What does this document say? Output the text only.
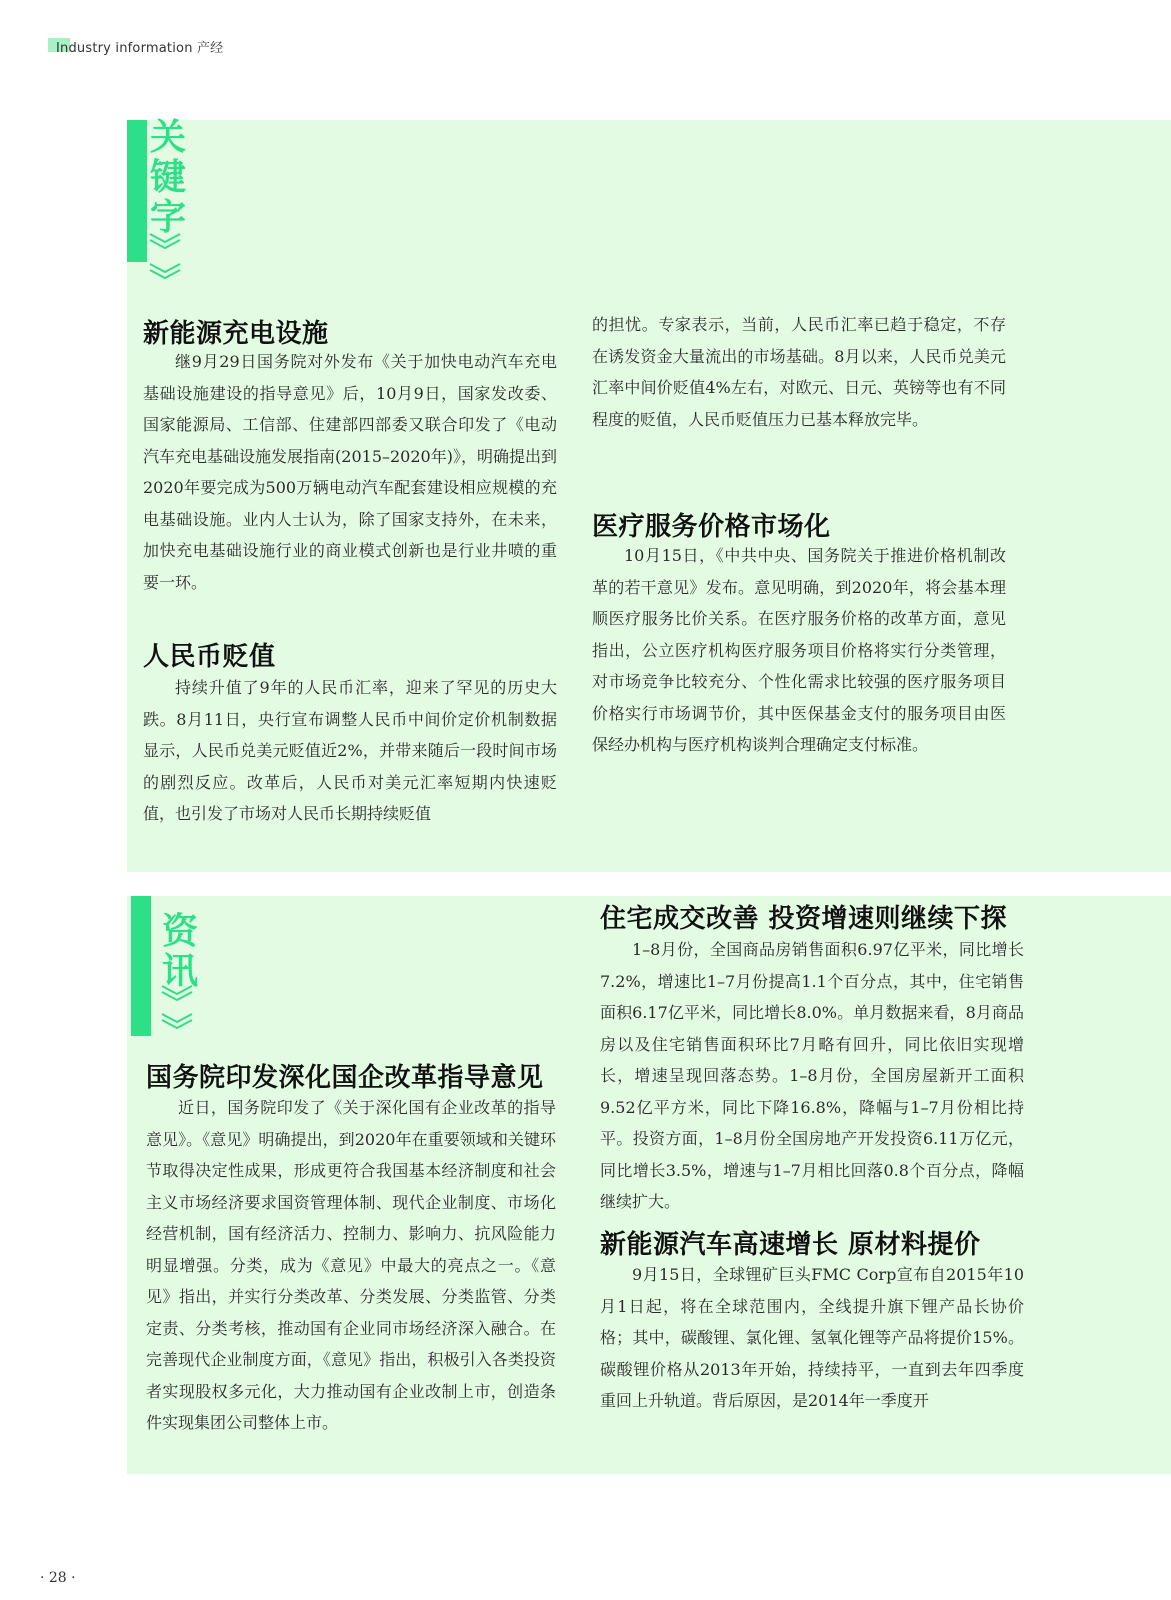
Industry information 产经
关键字
新能源充电设施
继9月29日国务院对外发布《关于加快电动汽车充电基础设施建设的指导意见》后，10月9日，国家发改委、国家能源局、工信部、住建部四部委又联合印发了《电动汽车充电基础设施发展指南(2015–2020年)》，明确提出到2020年要完成为500万辆电动汽车配套建设相应规模的充电基础设施。业内人士认为，除了国家支持外，在未来，加快充电基础设施行业的商业模式创新也是行业井喷的重要一环。
人民币贬值
持续升值了9年的人民币汇率，迎来了罕见的历史大跌。8月11日，央行宣布调整人民币中间价定价机制数据显示，人民币兑美元贬值近2%，并带来随后一段时间市场的剧烈反应。改革后，人民币对美元汇率短期内快速贬值，也引发了市场对人民币长期持续贬值
的担忧。专家表示，当前，人民币汇率已趋于稳定，不存在诱发资金大量流出的市场基础。8月以来，人民币兑美元汇率中间价贬值4%左右，对欧元、日元、英镑等也有不同程度的贬值，人民币贬值压力已基本释放完毕。
医疗服务价格市场化
10月15日，《中共中央、国务院关于推进价格机制改革的若干意见》发布。意见明确，到2020年，将会基本理顺医疗服务比价关系。在医疗服务价格的改革方面，意见指出，公立医疗机构医疗服务项目价格将实行分类管理，对市场竞争比较充分、个性化需求比较强的医疗服务项目价格实行市场调节价，其中医保基金支付的服务项目由医保经办机构与医疗机构谈判合理确定支付标准。
资讯
国务院印发深化国企改革指导意见
近日，国务院印发了《关于深化国有企业改革的指导意见》。《意见》明确提出，到2020年在重要领域和关键环节取得决定性成果，形成更符合我国基本经济制度和社会主义市场经济要求国资管理体制、现代企业制度、市场化经营机制，国有经济活力、控制力、影响力、抗风险能力明显增强。分类，成为《意见》中最大的亮点之一。《意见》指出，并实行分类改革、分类发展、分类监管、分类定责、分类考核，推动国有企业同市场经济深入融合。在完善现代企业制度方面，《意见》指出，积极引入各类投资者实现股权多元化，大力推动国有企业改制上市，创造条件实现集团公司整体上市。
住宅成交改善 投资增速则继续下探
1–8月份，全国商品房销售面积6.97亿平米，同比增长7.2%，增速比1–7月份提高1.1个百分点，其中，住宅销售面积6.17亿平米，同比增长8.0%。单月数据来看，8月商品房以及住宅销售面积环比7月略有回升，同比依旧实现增长，增速呈现回落态势。1–8月份，全国房屋新开工面积9.52亿平方米，同比下降16.8%，降幅与1–7月份相比持平。投资方面，1–8月份全国房地产开发投资6.11万亿元，同比增长3.5%，增速与1–7月相比回落0.8个百分点，降幅继续扩大。
新能源汽车高速增长 原材料提价
9月15日，全球锂矿巨头FMC Corp宣布自2015年10月1日起，将在全球范围内，全线提升旗下锂产品长协价格；其中，碳酸锂、氯化锂、氢氧化锂等产品将提价15%。碳酸锂价格从2013年开始，持续持平，一直到去年四季度重回上升轨道。背后原因，是2014年一季度开
· 28 ·
